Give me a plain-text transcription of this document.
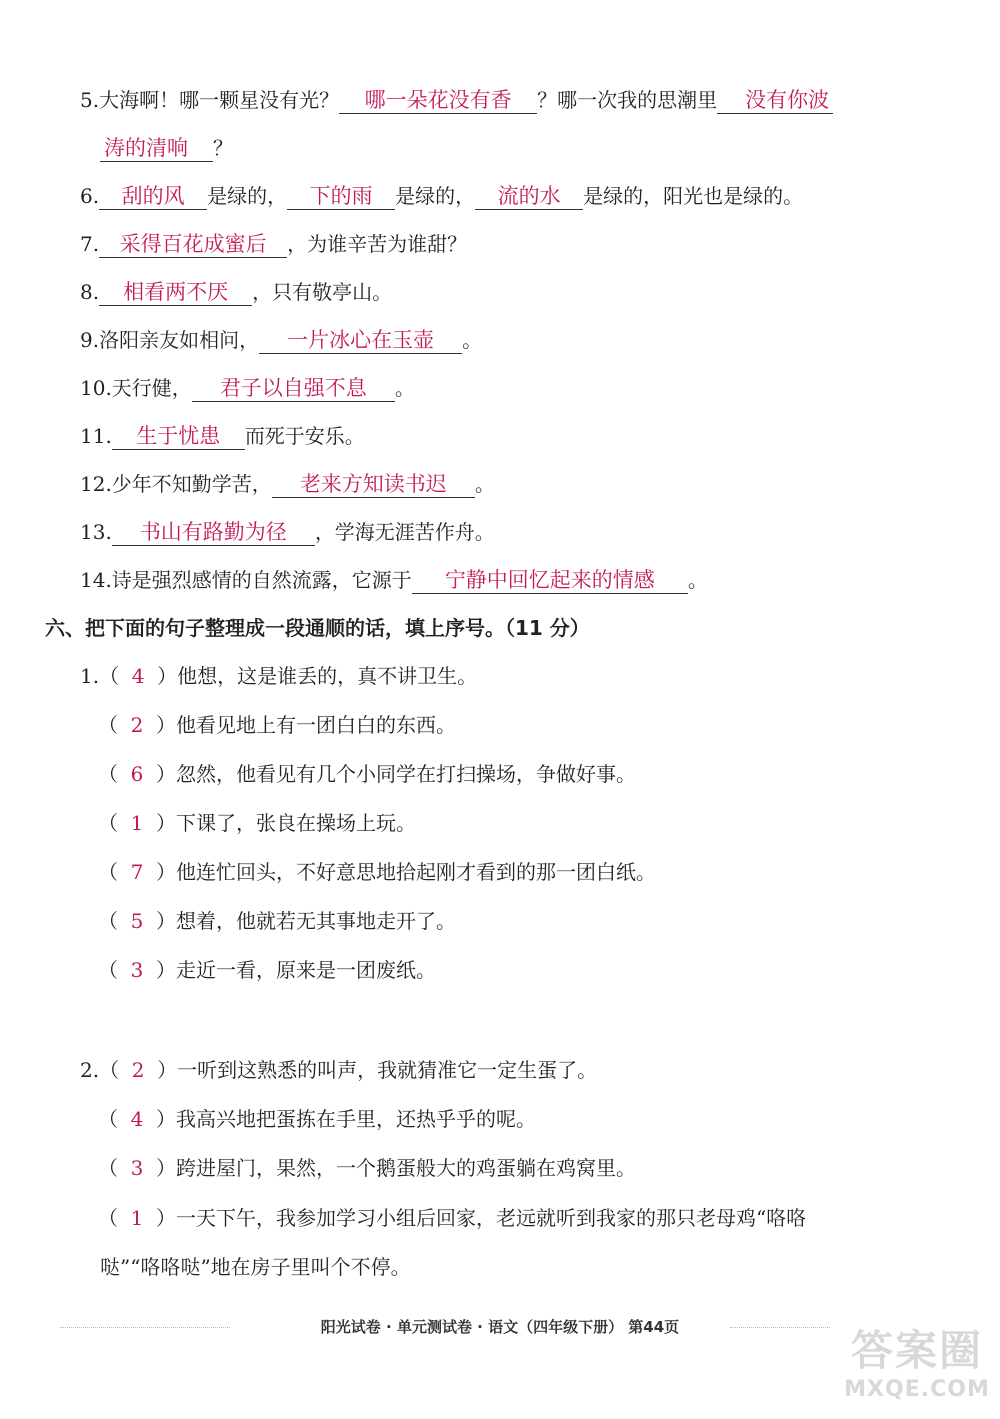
5.大海啊！哪一颗星没有光？ 哪一朵花没有香 ？哪一次我的思潮里 没有你波
涛的清响 ？
6. 刮的风 是绿的， 下的雨 是绿的， 流的水 是绿的，阳光也是绿的。
7. 采得百花成蜜后 ，为谁辛苦为谁甜？
8. 相看两不厌 ，只有敬亭山。
9.洛阳亲友如相问， 一片冰心在玉壶 。
10.天行健， 君子以自强不息 。
11. 生于忧患 而死于安乐。
12.少年不知勤学苦， 老来方知读书迟 。
13. 书山有路勤为径 ，学海无涯苦作舟。
14.诗是强烈感情的自然流露，它源于 宁静中回忆起来的情感 。
六、把下面的句子整理成一段通顺的话，填上序号。（11 分）
1.（ 4 ）他想，这是谁丢的，真不讲卫生。
（ 2 ）他看见地上有一团白白的东西。
（ 6 ）忽然，他看见有几个小同学在打扫操场，争做好事。
（ 1 ）下课了，张良在操场上玩。
（ 7 ）他连忙回头，不好意思地拾起刚才看到的那一团白纸。
（ 5 ）想着，他就若无其事地走开了。
（ 3 ）走近一看，原来是一团废纸。
2.（ 2 ）一听到这熟悉的叫声，我就猜准它一定生蛋了。
（ 4 ）我高兴地把蛋拣在手里，还热乎乎的呢。
（ 3 ）跨进屋门，果然，一个鹅蛋般大的鸡蛋躺在鸡窝里。
（ 1 ）一天下午，我参加学习小组后回家，老远就听到我家的那只老母鸡“咯咯
哒”“咯咯哒”地在房子里叫个不停。
阳光试卷 · 单元测试卷 · 语文（四年级下册） 第44页	答案圈
MXQE.COM
